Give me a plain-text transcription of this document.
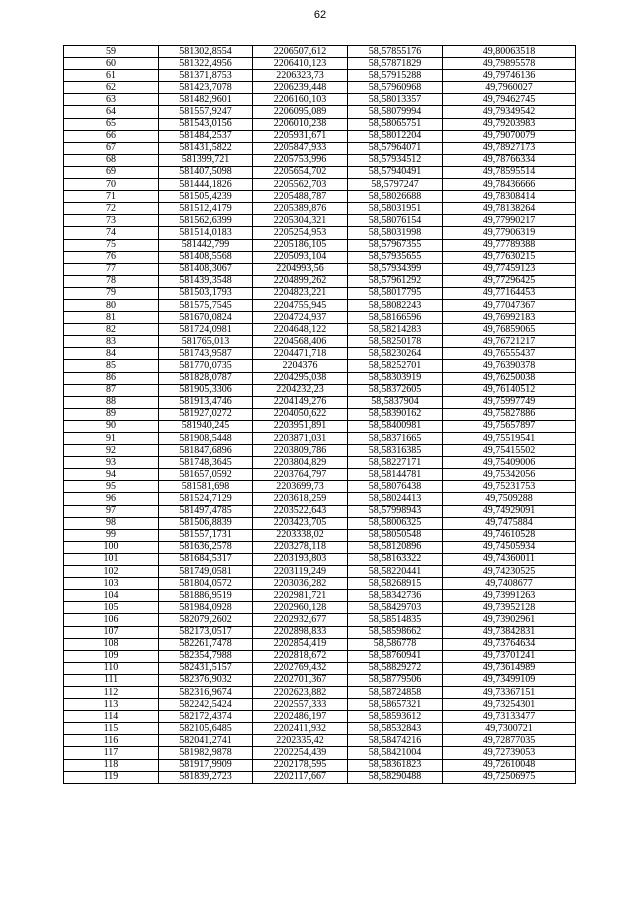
62
59	581302,8554	2206507,612	58,57855176	49,80063518
60	581322,4956	2206410,123	58,57871829	49,79895578
61	581371,8753	2206323,73	58,57915288	49,79746136
62	581423,7078	2206239,448	58,57960968	49,7960027
63	581482,9601	2206160,103	58,58013357	49,79462745
64	581557,9247	2206095,089	58,58079994	49,79349542
65	581543,0156	2206010,238	58,58065751	49,79203983
66	581484,2537	2205931,671	58,58012204	49,79070079
67	581431,5822	2205847,933	58,57964071	49,78927173
68	581399,721	2205753,996	58,57934512	49,78766334
69	581407,5098	2205654,702	58,57940491	49,78595514
70	581444,1826	2205562,703	58,5797247	49,78436666
71	581505,4239	2205488,787	58,58026688	49,78308414
72	581512,4179	2205389,876	58,58031951	49,78138264
73	581562,6399	2205304,321	58,58076154	49,77990217
74	581514,0183	2205254,953	58,58031998	49,77906319
75	581442,799	2205186,105	58,57967355	49,77789388
76	581408,5568	2205093,104	58,57935655	49,77630215
77	581408,3067	2204993,56	58,57934399	49,77459123
78	581439,3548	2204899,262	58,57961292	49,77296425
79	581503,1793	2204823,221	58,58017795	49,77164453
80	581575,7545	2204755,945	58,58082243	49,77047367
81	581670,0824	2204724,937	58,58166596	49,76992183
82	581724,0981	2204648,122	58,58214283	49,76859065
83	581765,013	2204568,406	58,58250178	49,76721217
84	581743,9587	2204471,718	58,58230264	49,76555437
85	581770,0735	2204376	58,58252701	49,76390378
86	581828,0787	2204295,038	58,58303919	49,76250038
87	581905,3306	2204232,23	58,58372605	49,76140512
88	581913,4746	2204149,276	58,5837904	49,75997749
89	581927,0272	2204050,622	58,58390162	49,75827886
90	581940,245	2203951,891	58,58400981	49,75657897
91	581908,5448	2203871,031	58,58371665	49,75519541
92	581847,6896	2203809,786	58,58316385	49,75415502
93	581748,3645	2203804,829	58,58227171	49,75409006
94	581657,0592	2203764,797	58,58144781	49,75342056
95	581581,698	2203699,73	58,58076438	49,75231753
96	581524,7129	2203618,259	58,58024413	49,7509288
97	581497,4785	2203522,643	58,57998943	49,74929091
98	581506,8839	2203423,705	58,58006325	49,7475884
99	581557,1731	2203338,02	58,58050548	49,74610528
100	581636,2578	2203278,118	58,58120896	49,74505934
101	581684,5317	2203193,803	58,58163322	49,74360011
102	581749,0581	2203119,249	58,58220441	49,74230525
103	581804,0572	2203036,282	58,58268915	49,7408677
104	581886,9519	2202981,721	58,58342736	49,73991263
105	581984,0928	2202960,128	58,58429703	49,73952128
106	582079,2602	2202932,677	58,58514835	49,73902961
107	582173,0517	2202898,833	58,58598662	49,73842831
108	582261,7478	2202854,419	58,586778	49,73764634
109	582354,7988	2202818,672	58,58760941	49,73701241
110	582431,5157	2202769,432	58,58829272	49,73614989
111	582376,9032	2202701,367	58,58779506	49,73499109
112	582316,9674	2202623,882	58,58724858	49,73367151
113	582242,5424	2202557,333	58,58657321	49,73254301
114	582172,4374	2202486,197	58,58593612	49,73133477
115	582105,6485	2202411,932	58,58532843	49,7300721
116	582041,2741	2202335,42	58,58474216	49,72877035
117	581982,9878	2202254,439	58,58421004	49,72739053
118	581917,9909	2202178,595	58,58361823	49,72610048
119	581839,2723	2202117,667	58,58290488	49,72506975
